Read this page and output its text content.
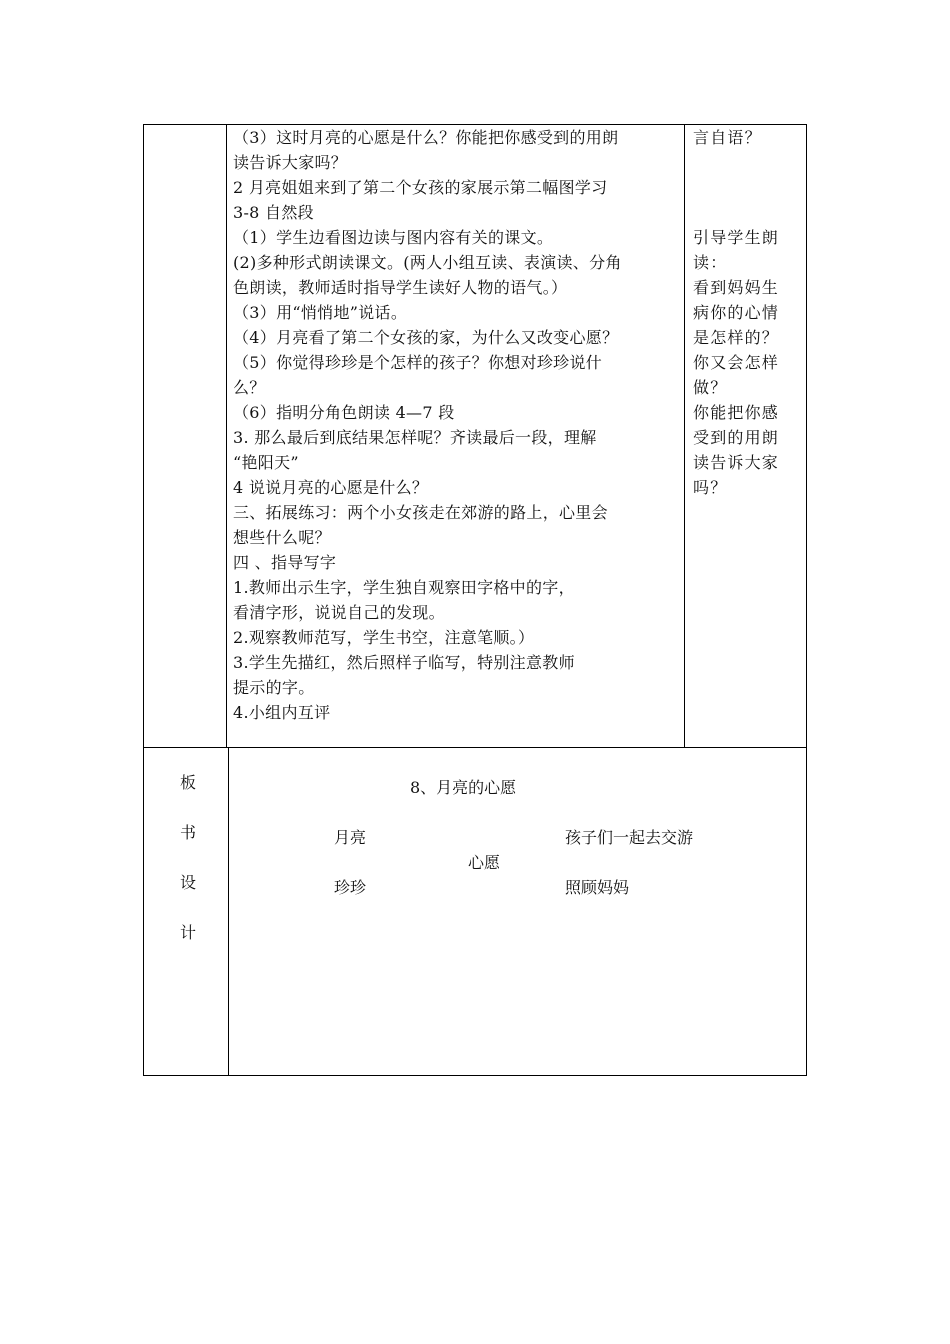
（3）这时月亮的心愿是什么？你能把你感受到的用朗

读告诉大家吗？

2 月亮姐姐来到了第二个女孩的家展示第二幅图学习

3-8 自然段

（1）学生边看图边读与图内容有关的课文。

(2)多种形式朗读课文。(两人小组互读、表演读、分角

色朗读，教师适时指导学生读好人物的语气。）

（3）用“悄悄地”说话。

（4）月亮看了第二个女孩的家，为什么又改变心愿？

（5）你觉得珍珍是个怎样的孩子？你想对珍珍说什

么？

（6）指明分角色朗读 4—7 段

3. 那么最后到底结果怎样呢？齐读最后一段，理解

“艳阳天”

4 说说月亮的心愿是什么？

三、拓展练习：两个小女孩走在郊游的路上，心里会

想些什么呢？

四 、指导写字

1.教师出示生字，学生独自观察田字格中的字，

看清字形，说说自己的发现。

2.观察教师范写，学生书空，注意笔顺。）

3.学生先描红，然后照样子临写，特别注意教师

提示的字。

4.小组内互评

言自语？

引导学生朗

读：

看到妈妈生

病你的心情

是怎样的？

你又会怎样

做？

你能把你感

受到的用朗

读告诉大家

吗？

板
书
设
计
8、月亮的心愿
月亮	孩子们一起去交游
心愿
珍珍	照顾妈妈
